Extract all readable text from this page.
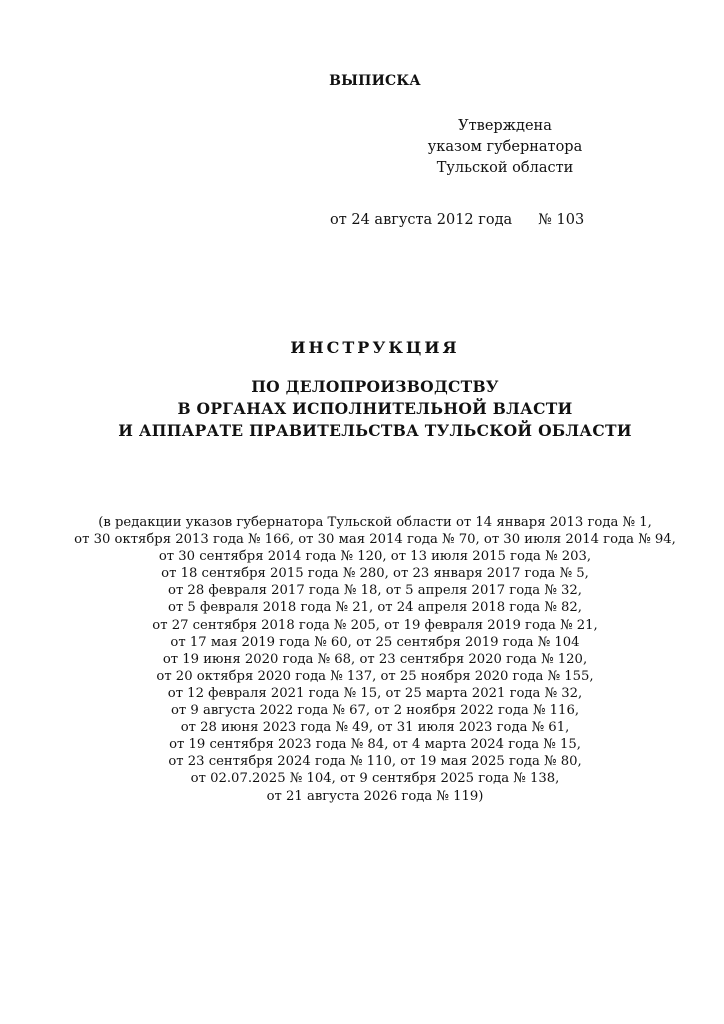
ВЫПИСКА
Утверждена
указом губернатора
Тульской области
от 24 августа 2012 года № 103
ИНСТРУКЦИЯ
ПО ДЕЛОПРОИЗВОДСТВУ
В ОРГАНАХ ИСПОЛНИТЕЛЬНОЙ ВЛАСТИ
И АППАРАТЕ ПРАВИТЕЛЬСТВА ТУЛЬСКОЙ ОБЛАСТИ
(в редакции указов губернатора Тульской области от 14 января 2013 года № 1,
от 30 октября 2013 года № 166, от 30 мая 2014 года № 70, от 30 июля 2014 года № 94,
от 30 сентября 2014 года № 120, от 13 июля 2015 года № 203,
от 18 сентября 2015 года № 280, от 23 января 2017 года № 5,
от 28 февраля 2017 года № 18, от 5 апреля 2017 года № 32,
от 5 февраля 2018 года № 21, от 24 апреля 2018 года № 82,
от 27 сентября 2018 года № 205, от 19 февраля 2019 года № 21,
от 17 мая 2019 года № 60, от 25 сентября 2019 года № 104
от 19 июня 2020 года № 68, от 23 сентября 2020 года № 120,
от 20 октября 2020 года № 137, от 25 ноября 2020 года № 155,
от 12 февраля 2021 года № 15, от 25 марта 2021 года № 32,
от 9 августа 2022 года № 67, от 2 ноября 2022 года № 116,
от 28 июня 2023 года № 49, от 31 июля 2023 года № 61,
от 19 сентября 2023 года № 84, от 4 марта 2024 года № 15,
от 23 сентября 2024 года № 110, от 19 мая 2025 года № 80,
от 02.07.2025 № 104, от 9 сентября 2025 года № 138,
от 21 августа 2026 года № 119)
